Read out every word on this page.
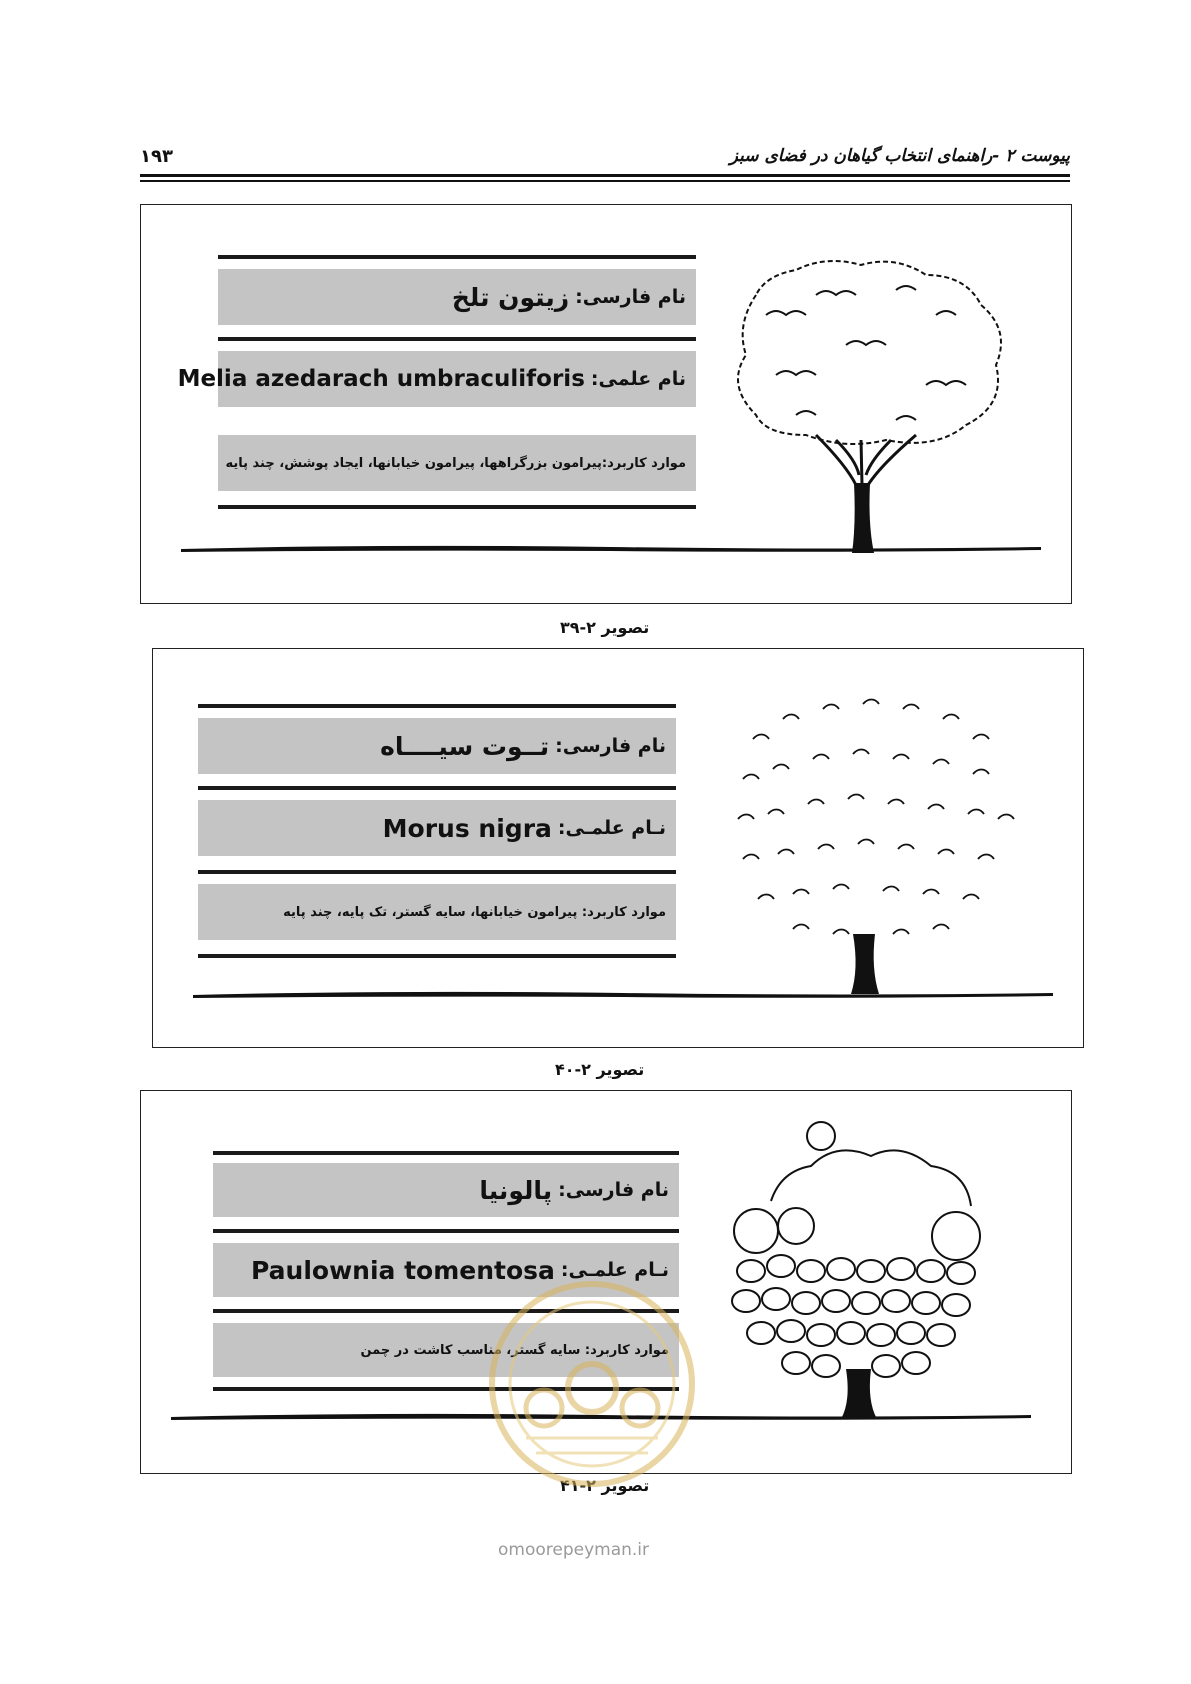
پیوست ۲ -راهنمای انتخاب گیاهان در فضای سبز
۱۹۳
نام فارسی:
زیتون تلخ
نام علمی:
Melia azedarach umbraculiforis
موارد کاربرد:پیرامون بزرگراهها، پیرامون خیابانها، ایجاد پوشش، چند پایه
تصویر ۲-۳۹
نام فارسی:
تــوت سیــــاه
نـام علمـی:
Morus nigra
موارد کاربرد: پیرامون خیابانها، سایه گستر، تک پایه، چند پایه
تصویر ۲-۴۰
نام فارسی:
پالونیا
نـام علمـی:
Paulownia tomentosa
موارد کاربرد: سایه گستر، مناسب کاشت در چمن
تصویر ۲-۴۱
omoorepeyman.ir
